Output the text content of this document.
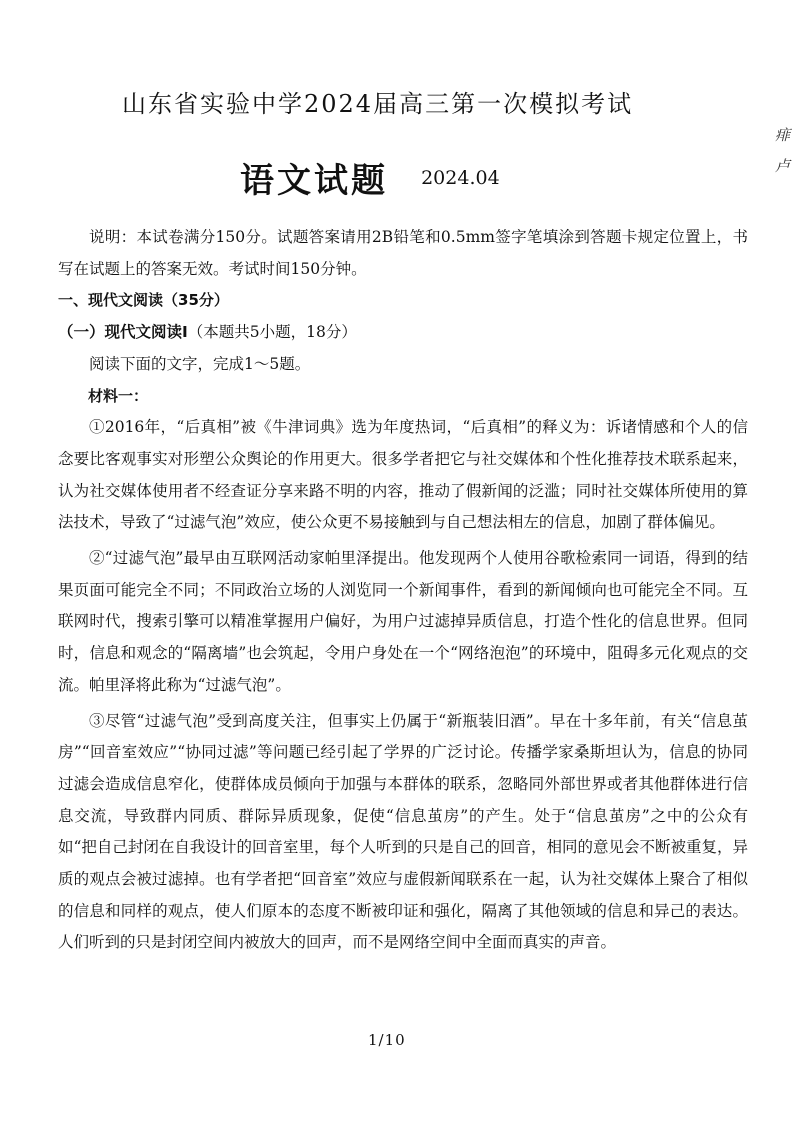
山东省实验中学2024届高三第一次模拟考试
语文试题 2024.04
痱
卢

说明：本试卷满分150分。试题答案请用2B铅笔和0.5mm签字笔填涂到答题卡规定位置上，书写在试题上的答案无效。考试时间150分钟。

一、现代文阅读（35分）

（一）现代文阅读Ⅰ（本题共5小题，18分）

阅读下面的文字，完成1～5题。

材料一：

①2016年，“后真相”被《牛津词典》选为年度热词，“后真相”的释义为：诉诸情感和个人的信念要比客观事实对形塑公众舆论的作用更大。很多学者把它与社交媒体和个性化推荐技术联系起来，认为社交媒体使用者不经查证分享来路不明的内容，推动了假新闻的泛滥；同时社交媒体所使用的算法技术，导致了“过滤气泡”效应，使公众更不易接触到与自己想法相左的信息，加剧了群体偏见。

②“过滤气泡”最早由互联网活动家帕里泽提出。他发现两个人使用谷歌检索同一词语，得到的结果页面可能完全不同；不同政治立场的人浏览同一个新闻事件，看到的新闻倾向也可能完全不同。互联网时代，搜索引擎可以精准掌握用户偏好，为用户过滤掉异质信息，打造个性化的信息世界。但同时，信息和观念的“隔离墙”也会筑起，令用户身处在一个“网络泡泡”的环境中，阻碍多元化观点的交流。帕里泽将此称为“过滤气泡”。

③尽管“过滤气泡”受到高度关注，但事实上仍属于“新瓶装旧酒”。早在十多年前，有关“信息茧房”“回音室效应”“协同过滤”等问题已经引起了学界的广泛讨论。传播学家桑斯坦认为，信息的协同过滤会造成信息窄化，使群体成员倾向于加强与本群体的联系，忽略同外部世界或者其他群体进行信息交流，导致群内同质、群际异质现象，促使“信息茧房”的产生。处于“信息茧房”之中的公众有如“把自己封闭在自我设计的回音室里，每个人听到的只是自己的回音，相同的意见会不断被重复，异质的观点会被过滤掉。也有学者把“回音室”效应与虚假新闻联系在一起，认为社交媒体上聚合了相似的信息和同样的观点，使人们原本的态度不断被印证和强化，隔离了其他领域的信息和异己的表达。人们听到的只是封闭空间内被放大的回声，而不是网络空间中全面而真实的声音。

1/10
